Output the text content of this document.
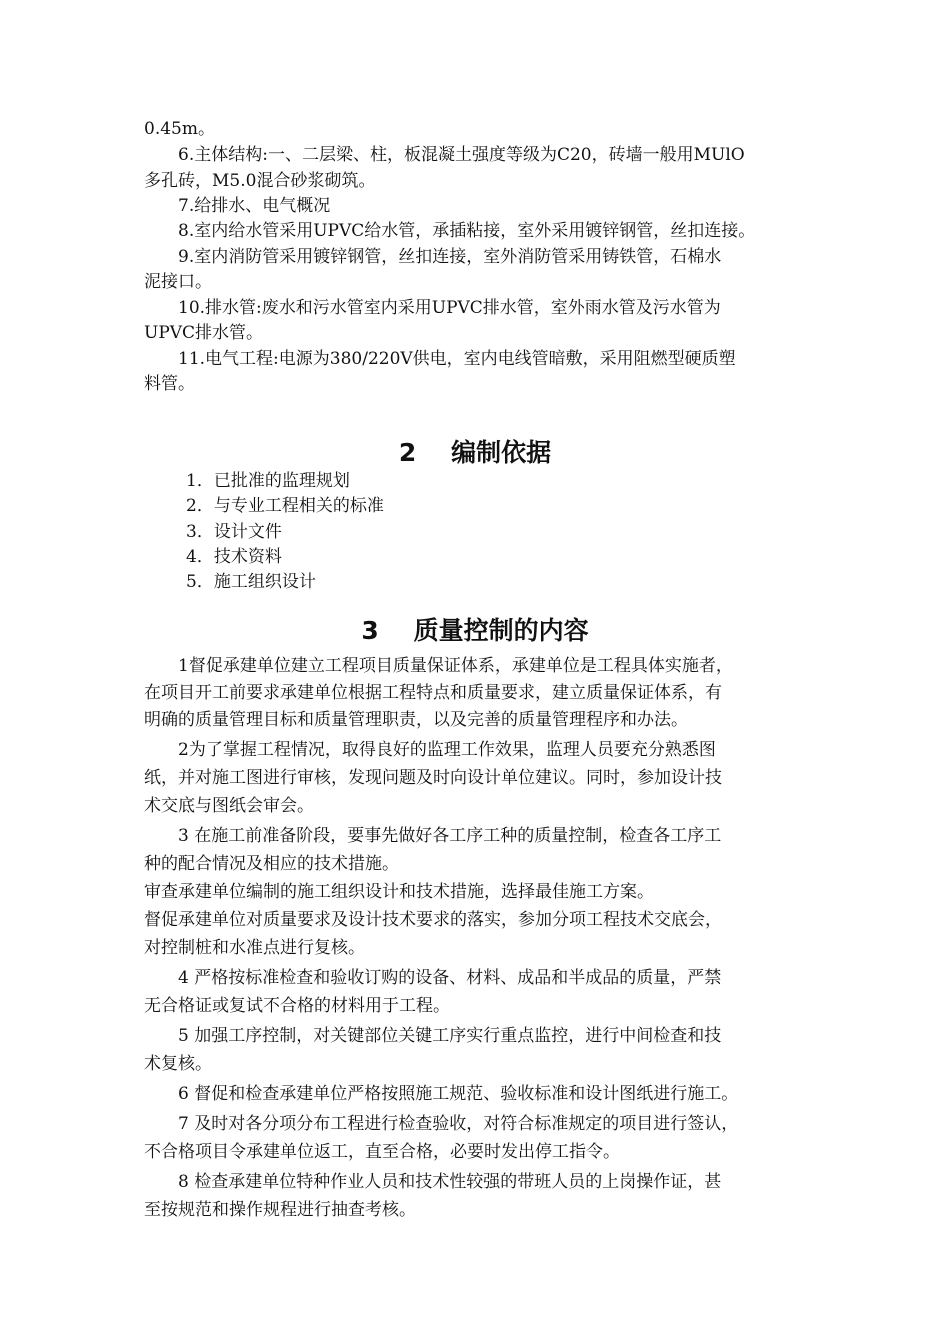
0.45m。
6.主体结构:一、二层梁、柱，板混凝土强度等级为C20，砖墙一般用MUlO
多孔砖，M5.0混合砂浆砌筑。
7.给排水、电气概况
8.室内给水管采用UPVC给水管，承插粘接，室外采用镀锌钢管，丝扣连接。
9.室内消防管采用镀锌钢管，丝扣连接，室外消防管采用铸铁管，石棉水
泥接口。
10.排水管:废水和污水管室内采用UPVC排水管，室外雨水管及污水管为
UPVC排水管。
11.电气工程:电源为380/220V供电，室内电线管暗敷，采用阻燃型硬质塑
料管。
2    编制依据
1．已批准的监理规划
2．与专业工程相关的标准
3．设计文件
4．技术资料
5．施工组织设计
3    质量控制的内容
1督促承建单位建立工程项目质量保证体系，承建单位是工程具体实施者，
在项目开工前要求承建单位根据工程特点和质量要求，建立质量保证体系，有
明确的质量管理目标和质量管理职责，以及完善的质量管理程序和办法。
2为了掌握工程情况，取得良好的监理工作效果，监理人员要充分熟悉图
纸，并对施工图进行审核，发现问题及时向设计单位建议。同时，参加设计技
术交底与图纸会审会。
3 在施工前准备阶段，要事先做好各工序工种的质量控制，检查各工序工
种的配合情况及相应的技术措施。
审查承建单位编制的施工组织设计和技术措施，选择最佳施工方案。
督促承建单位对质量要求及设计技术要求的落实，参加分项工程技术交底会，
对控制桩和水准点进行复核。
4 严格按标准检查和验收订购的设备、材料、成品和半成品的质量，严禁
无合格证或复试不合格的材料用于工程。
5 加强工序控制，对关键部位关键工序实行重点监控，进行中间检查和技
术复核。
6 督促和检查承建单位严格按照施工规范、验收标准和设计图纸进行施工。
7 及时对各分项分布工程进行检查验收，对符合标准规定的项目进行签认，
不合格项目令承建单位返工，直至合格，必要时发出停工指令。
8 检查承建单位特种作业人员和技术性较强的带班人员的上岗操作证，甚
至按规范和操作规程进行抽查考核。
